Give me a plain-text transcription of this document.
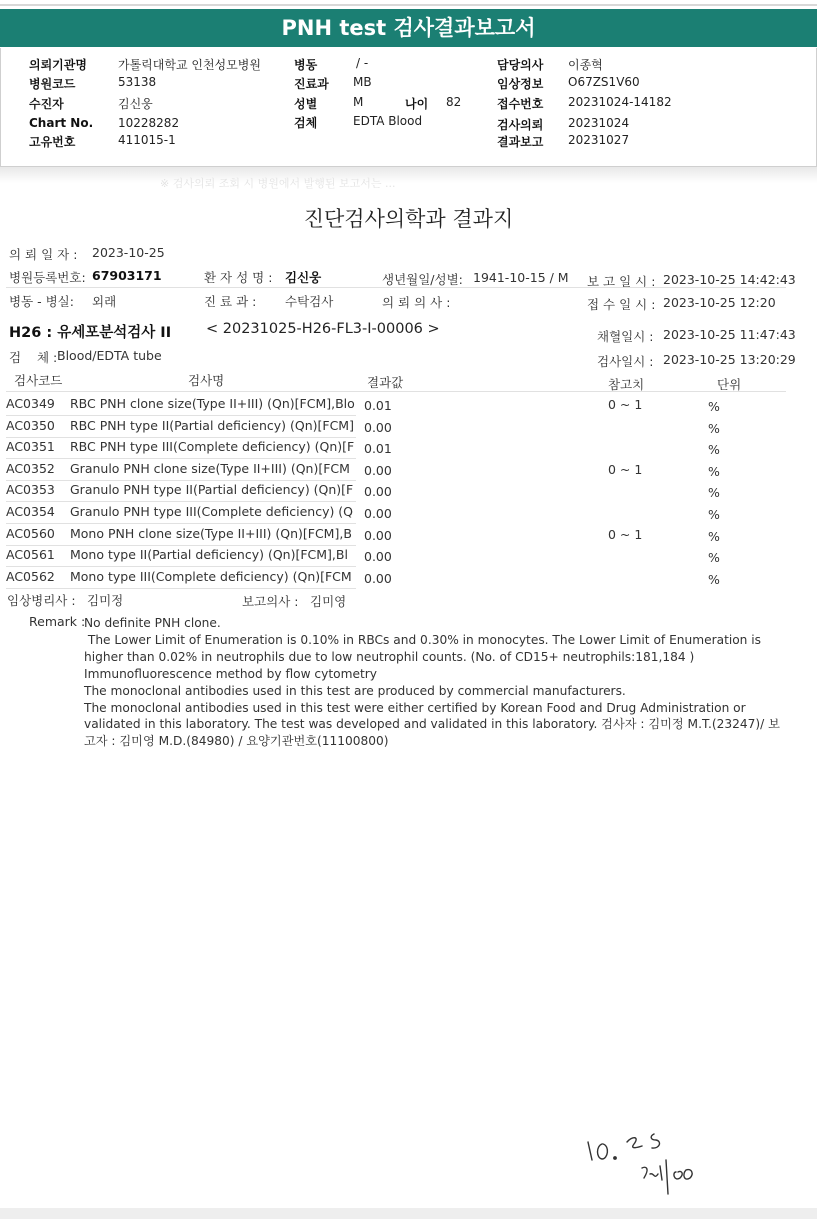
PNH test 검사결과보고서
의뢰기관명	가톨릭대학교 인천성모병원
병원코드	53138
수진자	김신웅
Chart No. 10228282
고유번호	411015-1
병동	/ -
진료과 MB
성별	M	나이 82
검체	EDTA Blood
담당의사 이종혁
임상정보 O67ZS1V60
접수번호 20231024-14182
검사의뢰 20231024
결과보고 20231027
※ 검사의뢰 조회 시 병원에서 발행된 보고서는 ...
진단검사의학과 결과지
의 뢰 일 자 : 2023-10-25
병원등록번호: 67903171	환 자 성 명 : 김신웅	생년월일/성별: 1941-10-15 / M 보 고 일 시 : 2023-10-25 14:42:43
병동 - 병실: 외래	진 료 과 : 수탁검사	의 뢰 의 사 :	접 수 일 시 : 2023-10-25 12:20
H26 : 유세포분석검사 II < 20231025-H26-FL3-I-00006 >	채혈일시 : 2023-10-25 11:47:43
검    체 : Blood/EDTA tube	검사일시 : 2023-10-25 13:20:29
검사코드	검사명	결과값	참고치	단위
AC0349 RBC PNH clone size(Type II+III) (Qn)[FCM],Blo 0.01	0 ~ 1	%
AC0350 RBC PNH type II(Partial deficiency) (Qn)[FCM] 0.00	%
AC0351 RBC PNH type III(Complete deficiency) (Qn)[F 0.01	%
AC0352 Granulo PNH clone size(Type II+III) (Qn)[FCM 0.00	0 ~ 1	%
AC0353 Granulo PNH type II(Partial deficiency) (Qn)[F 0.00	%
AC0354 Granulo PNH type III(Complete deficiency) (Q 0.00	%
AC0560 Mono PNH clone size(Type II+III) (Qn)[FCM],B 0.00	0 ~ 1	%
AC0561 Mono type II(Partial deficiency) (Qn)[FCM],Bl 0.00	%
AC0562 Mono type III(Complete deficiency) (Qn)[FCM 0.00	%
임상병리사 : 김미정	보고의사 : 김미영
Remark :
No definite PNH clone.
The Lower Limit of Enumeration is 0.10% in RBCs and 0.30% in monocytes. The Lower Limit of Enumeration is higher than 0.02% in neutrophils due to low neutrophil counts. (No. of CD15+ neutrophils:181,184 )
Immunofluorescence method by flow cytometry
The monoclonal antibodies used in this test are produced by commercial manufacturers.
The monoclonal antibodies used in this test were either certified by Korean Food and Drug Administration or validated in this laboratory. The test was developed and validated in this laboratory. 검사자 : 김미정 M.T.(23247)/ 보고자 : 김미영 M.D.(84980) / 요양기관번호(11100800)
